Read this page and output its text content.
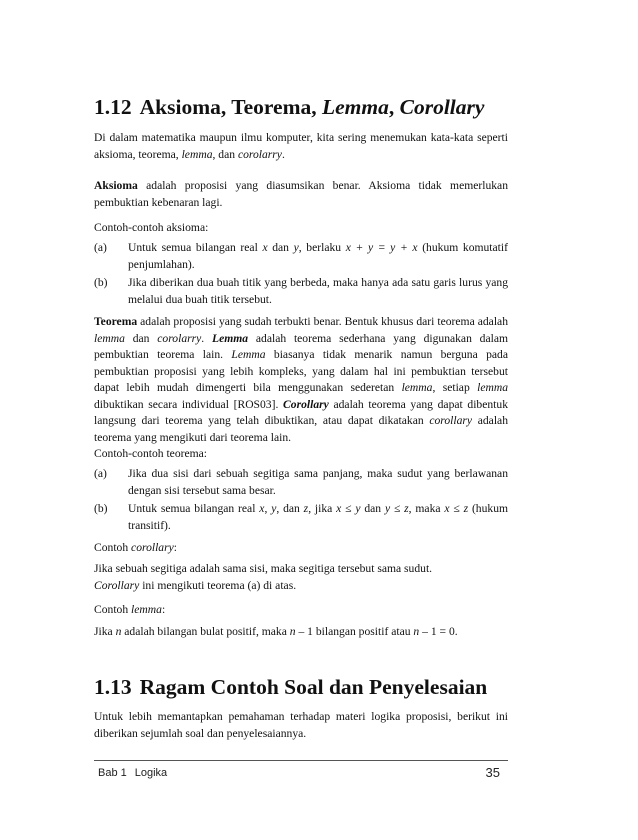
1.12 Aksioma, Teorema, Lemma, Corollary
Di dalam matematika maupun ilmu komputer, kita sering menemukan kata-kata seperti aksioma, teorema, lemma, dan corolarry.
Aksioma adalah proposisi yang diasumsikan benar. Aksioma tidak memerlukan pembuktian kebenaran lagi.
Contoh-contoh aksioma:
(a) Untuk semua bilangan real x dan y, berlaku x + y = y + x (hukum komutatif penjumlahan).
(b) Jika diberikan dua buah titik yang berbeda, maka hanya ada satu garis lurus yang melalui dua buah titik tersebut.
Teorema adalah proposisi yang sudah terbukti benar. Bentuk khusus dari teorema adalah lemma dan corolarry. Lemma adalah teorema sederhana yang digunakan dalam pembuktian teorema lain. Lemma biasanya tidak menarik namun berguna pada pembuktian proposisi yang lebih kompleks, yang dalam hal ini pembuktian tersebut dapat lebih mudah dimengerti bila menggunakan sederetan lemma, setiap lemma dibuktikan secara individual [ROS03]. Corollary adalah teorema yang dapat dibentuk langsung dari teorema yang telah dibuktikan, atau dapat dikatakan corollary adalah teorema yang mengikuti dari teorema lain.
Contoh-contoh teorema:
(a) Jika dua sisi dari sebuah segitiga sama panjang, maka sudut yang berlawanan dengan sisi tersebut sama besar.
(b) Untuk semua bilangan real x, y, dan z, jika x ≤ y dan y ≤ z, maka x ≤ z (hukum transitif).
Contoh corollary:
Jika sebuah segitiga adalah sama sisi, maka segitiga tersebut sama sudut.
Corollary ini mengikuti teorema (a) di atas.
Contoh lemma:
Jika n adalah bilangan bulat positif, maka n – 1 bilangan positif atau n – 1 = 0.
1.13 Ragam Contoh Soal dan Penyelesaian
Untuk lebih memantapkan pemahaman terhadap materi logika proposisi, berikut ini diberikan sejumlah soal dan penyelesaiannya.
Bab 1 Logika	35
